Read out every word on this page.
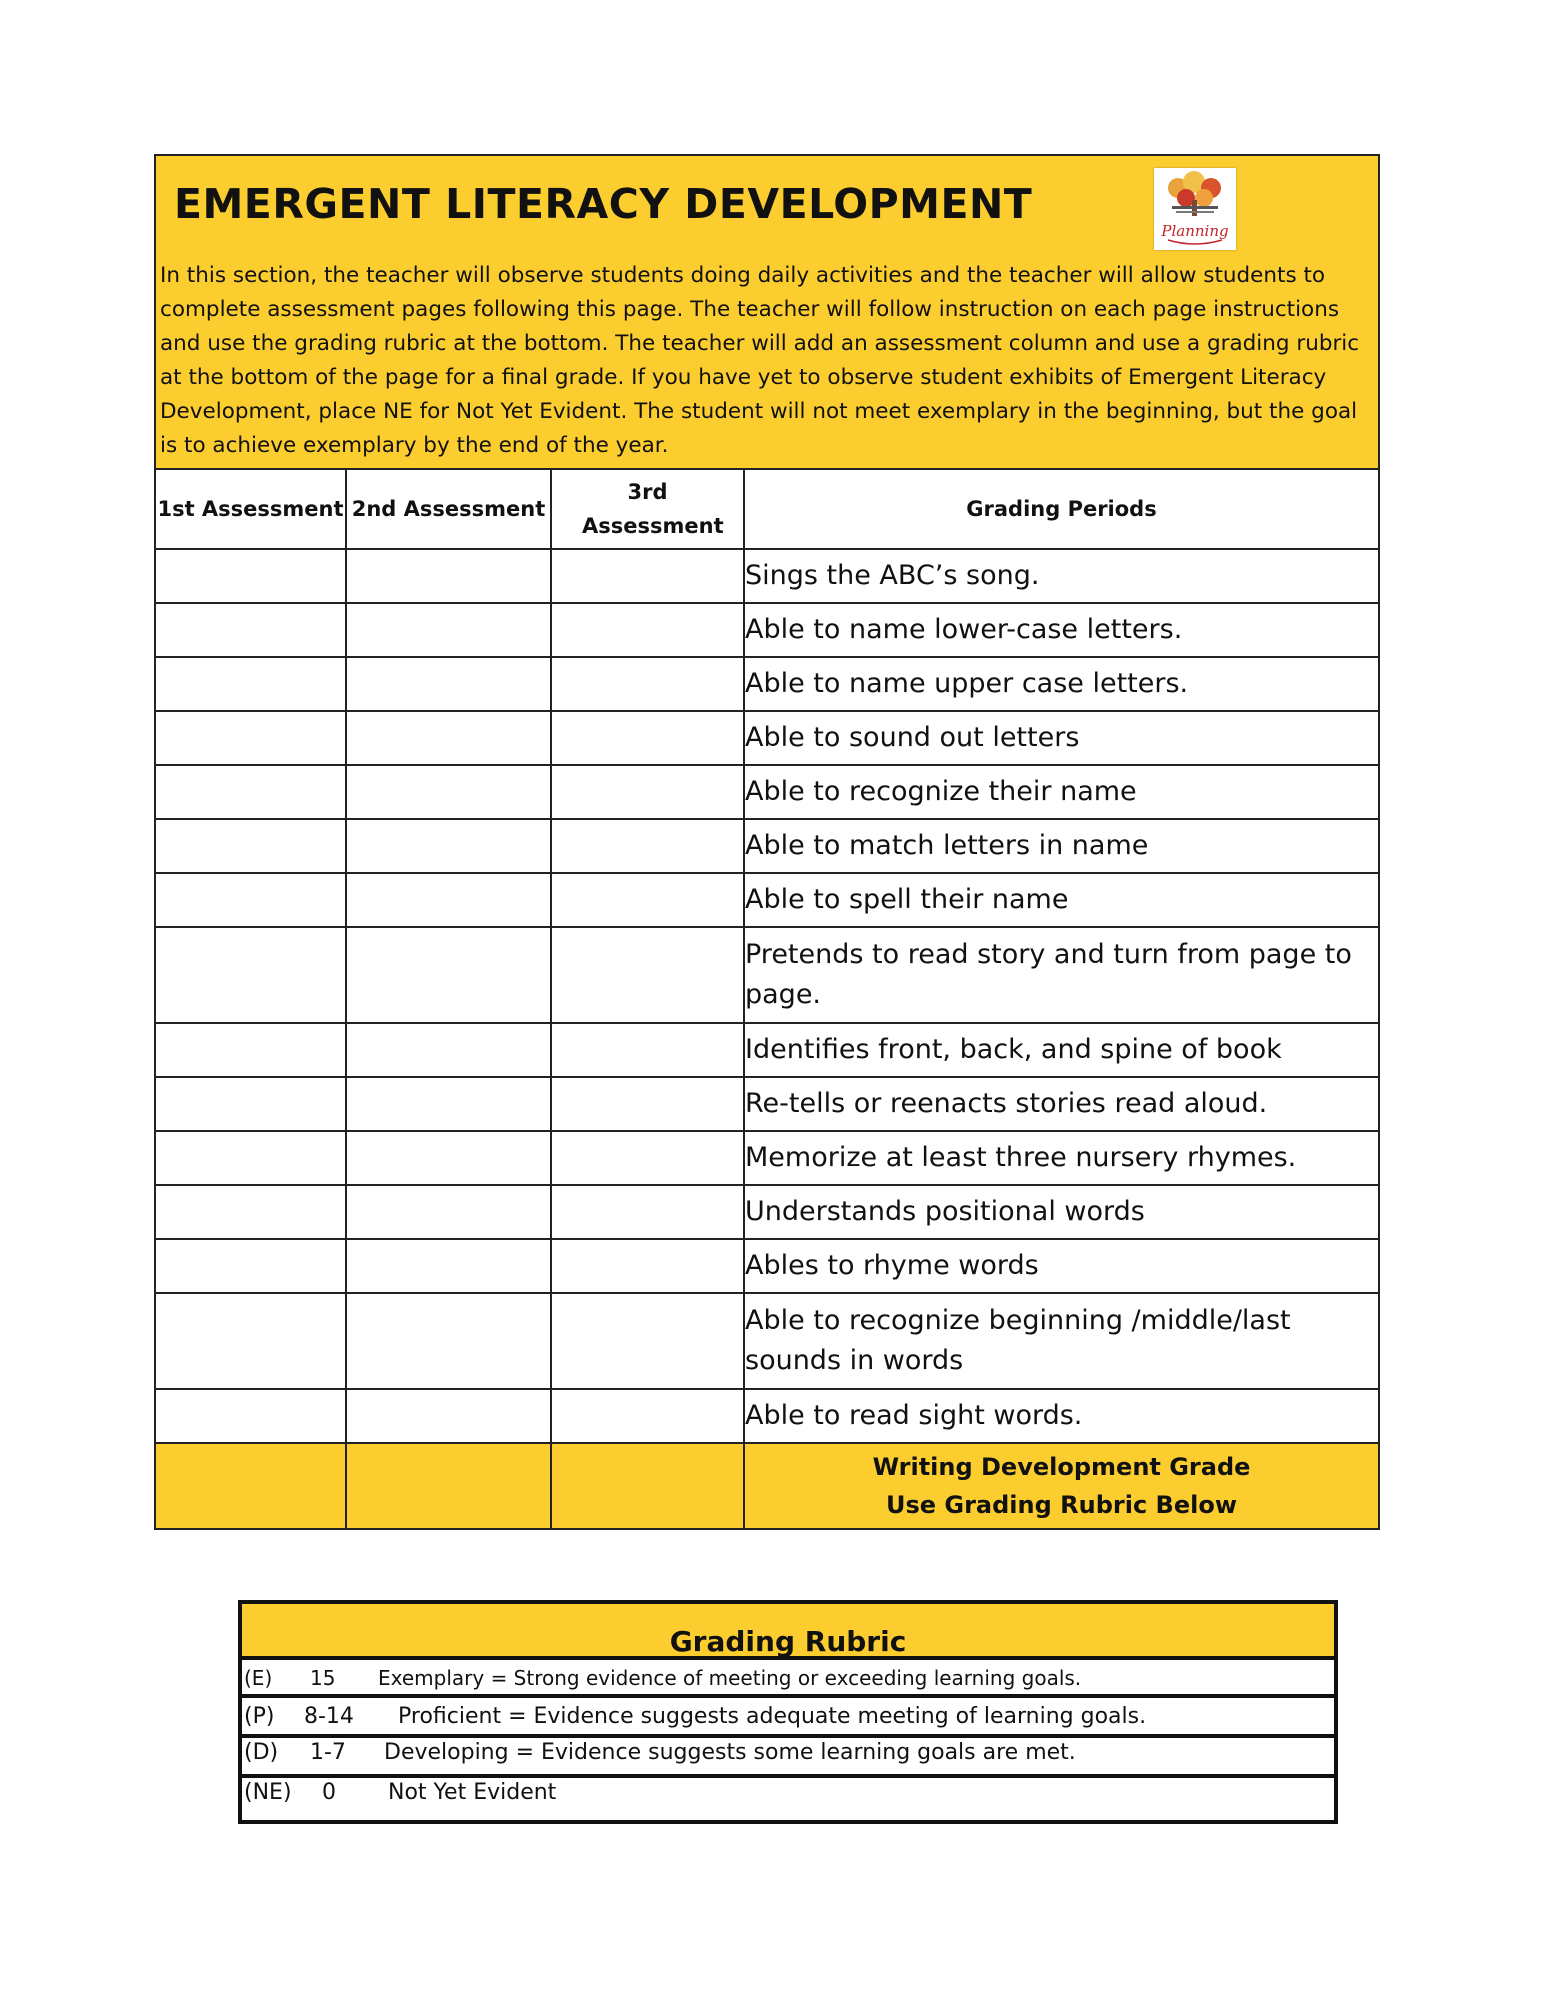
EMERGENT LITERACY DEVELOPMENT
Planning

In this section, the teacher will observe students doing daily activities and the teacher will allow students to complete assessment pages following this page. The teacher will follow instruction on each page instructions and use the grading rubric at the bottom. The teacher will add an assessment column and use a grading rubric at the bottom of the page for a final grade. If you have yet to observe student exhibits of Emergent Literacy Development, place NE for Not Yet Evident. The student will not meet exemplary in the beginning, but the goal is to achieve exemplary by the end of the year.

1st Assessment	2nd Assessment	3rd Assessment	Grading Periods
			Sings the ABC’s song.
			Able to name lower-case letters.
			Able to name upper case letters.
			Able to sound out letters
			Able to recognize their name
			Able to match letters in name
			Able to spell their name
			Pretends to read story and turn from page to page.
			Identifies front, back, and spine of book
			Re-tells or reenacts stories read aloud.
			Memorize at least three nursery rhymes.
			Understands positional words
			Ables to rhyme words
			Able to recognize beginning /middle/last sounds in words
			Able to read sight words.

			Writing Development Grade
Use Grading Rubric Below
Grading Rubric
(E) 15 Exemplary = Strong evidence of meeting or exceeding learning goals.
(P) 8-14 Proficient = Evidence suggests adequate meeting of learning goals.
(D) 1-7 Developing = Evidence suggests some learning goals are met.
(NE) 0 Not Yet Evident
